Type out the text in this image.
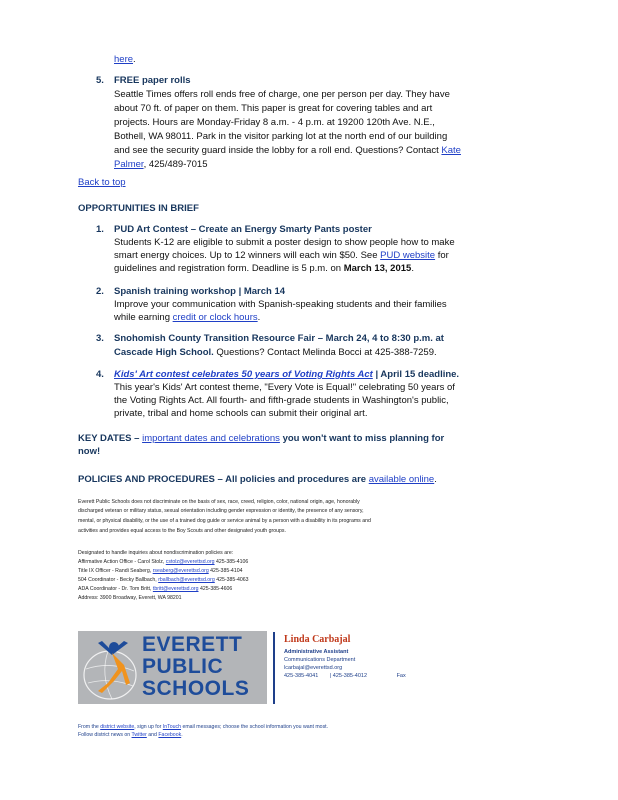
here.
5. FREE paper rolls
Seattle Times offers roll ends free of charge, one per person per day. They have
about 70 ft. of paper on them. This paper is great for covering tables and art
projects. Hours are Monday-Friday 8 a.m. - 4 p.m. at 19200 120th Ave. N.E.,
Bothell, WA 98011. Park in the visitor parking lot at the north end of our building
and see the security guard inside the lobby for a roll end. Questions? Contact Kate
Palmer, 425/489-7015
Back to top
OPPORTUNITIES IN BRIEF
1. PUD Art Contest – Create an Energy Smarty Pants poster
Students K-12 are eligible to submit a poster design to show people how to make
smart energy choices. Up to 12 winners will each win $50. See PUD website for
guidelines and registration form. Deadline is 5 p.m. on March 13, 2015.
2. Spanish training workshop | March 14
Improve your communication with Spanish-speaking students and their families
while earning credit or clock hours.
3. Snohomish County Transition Resource Fair – March 24, 4 to 8:30 p.m. at
Cascade High School. Questions? Contact Melinda Bocci at 425-388-7259.
4. Kids' Art contest celebrates 50 years of Voting Rights Act | April 15 deadline.
This year's Kids' Art contest theme, "Every Vote is Equal!" celebrating 50 years of
the Voting Rights Act. All fourth- and fifth-grade students in Washington's public,
private, tribal and home schools can submit their original art.
KEY DATES – important dates and celebrations you won't want to miss planning for
now!
POLICIES AND PROCEDURES – All policies and procedures are available online.
Everett Public Schools does not discriminate on the basis of sex, race, creed, religion, color, national origin, age, honorably
discharged veteran or military status, sexual orientation including gender expression or identity, the presence of any sensory,
mental, or physical disability, or the use of a trained dog guide or service animal by a person with a disability in its programs and
activities and provides equal access to the Boy Scouts and other designated youth groups.
Designated to handle inquiries about nondiscrimination policies are:
Affirmative Action Office - Carol Stolz, cstolz@everettsd.org 425-385-4106
Title IX Officer - Randi Seaberg, rseaberg@everettsd.org 425-385-4104
504 Coordinator - Becky Ballbach, rballbach@everettsd.org 425-385-4063
ADA Coordinator - Dr. Tom Britt, tbritt@everettsd.org 425-385-4606
Address: 3900 Broadway, Everett, WA 98201
EVERETT
PUBLIC
SCHOOLS
Linda Carbajal
Administrative Assistant
Communications Department
lcarbajal@everettsd.org
425-385-4041 | 425-385-4012	Fax
From the district website, sign up for InTouch email messages; choose the school information you want most.
Follow district news on Twitter and Facebook.
